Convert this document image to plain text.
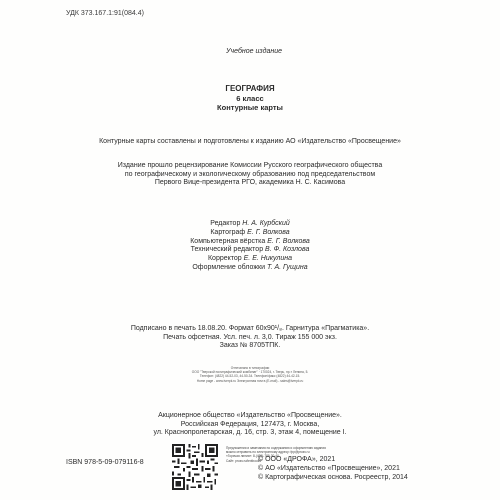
УДК 373.167.1:91(084.4)
Учебное издание
ГЕОГРАФИЯ
6 класс
Контурные карты
Контурные карты составлены и подготовлены к изданию АО «Издательство «Просвещение»
Издание прошло рецензирование Комиссии Русского географического общества
по географическому и экологическому образованию под председательством
Первого Вице-президента РГО, академика Н. С. Касимова
Редактор Н. А. Курбский
Картограф Е. Г. Волкова
Компьютерная вёрстка Е. Г. Волкова
Технический редактор В. Ф. Козлова
Корректор Е. Е. Никулина
Оформление обложки Т. А. Гущина
Подписано в печать 18.08.20. Формат 60x90¹/₈. Гарнитура «Прагматика».
Печать офсетная. Усл. печ. л. 3,0. Тираж 155 000 экз.
Заказ № 8705ТПК.
Отпечатано в типографии
ООО "Тверской полиграфический комбинат" · 170024, г. Тверь, пр-т Ленина, 5.
Телефон: (4822) 44-52-03, 44-50-34. Телефон/факс (4822) 44-42-15.
Home page - www.tverpk.ru Электронная почта (E-mail) - sales@tverpk.ru
Акционерное общество «Издательство «Просвещение».
Российская Федерация, 127473, г. Москва,
ул. Краснопролетарская, д. 16, стр. 3, этаж 4, помещение I.
Предложения и замечания по содержанию и оформлению издания
можно отправить по электронному адресу: fpp@prosv.ru
«Горячая линия»: 8-(495)-789-30-40
Сайт: prosv.ru/textbooks
ISBN 978-5-09-079116-8	© ООО «ДРОФА», 2021
© АО «Издательство «Просвещение», 2021
© Картографическая основа. Росреестр, 2014
